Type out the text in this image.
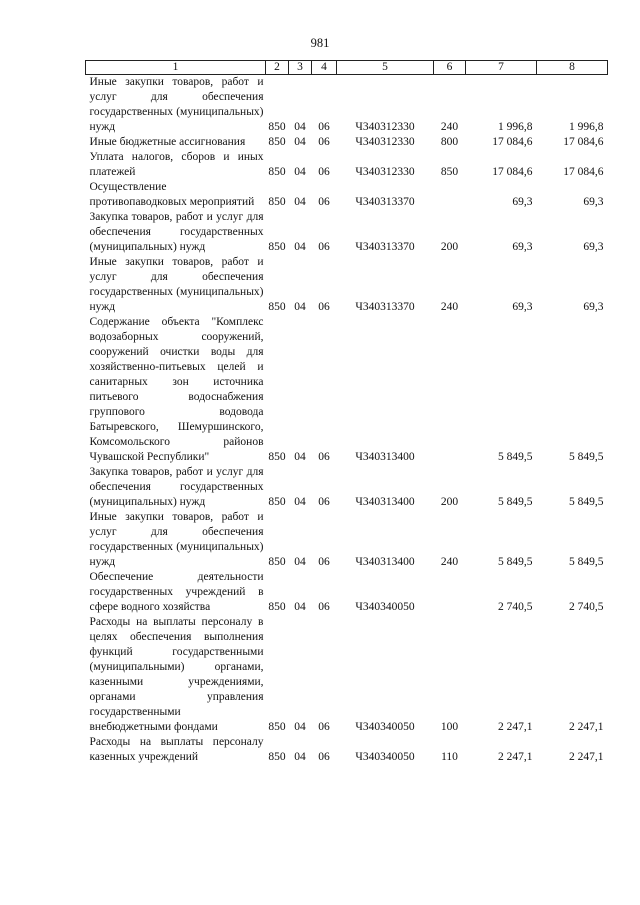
981
1	2	3	4	5	6	7	8

Иные закупки товаров, работ и услуг для обеспечения государственных (муниципальных) нужд	850	04	06	Ч340312330	240	1 996,8	1 996,8

Иные бюджетные ассигнования	850	04	06	Ч340312330	800	17 084,6	17 084,6

Уплата налогов, сборов и иных платежей	850	04	06	Ч340312330	850	17 084,6	17 084,6

Осуществление противопаводковых мероприятий	850	04	06	Ч340313370		69,3	69,3

Закупка товаров, работ и услуг для обеспечения государственных (муниципальных) нужд	850	04	06	Ч340313370	200	69,3	69,3

Иные закупки товаров, работ и услуг для обеспечения государственных (муниципальных) нужд	850	04	06	Ч340313370	240	69,3	69,3

Содержание объекта "Комплекс водозаборных сооружений, сооружений очистки воды для хозяйственно-питьевых целей и санитарных зон источника питьевого водоснабжения группового водовода Батыревского, Шемуршинского, Комсомольского районов Чувашской Республики"	850	04	06	Ч340313400		5 849,5	5 849,5

Закупка товаров, работ и услуг для обеспечения государственных (муниципальных) нужд	850	04	06	Ч340313400	200	5 849,5	5 849,5

Иные закупки товаров, работ и услуг для обеспечения государственных (муниципальных) нужд	850	04	06	Ч340313400	240	5 849,5	5 849,5

Обеспечение деятельности государственных учреждений в сфере водного хозяйства	850	04	06	Ч340340050		2 740,5	2 740,5

Расходы на выплаты персоналу в целях обеспечения выполнения функций государственными (муниципальными) органами, казенными учреждениями, органами управления государственными внебюджетными фондами	850	04	06	Ч340340050	100	2 247,1	2 247,1

Расходы на выплаты персоналу казенных учреждений	850	04	06	Ч340340050	110	2 247,1	2 247,1
